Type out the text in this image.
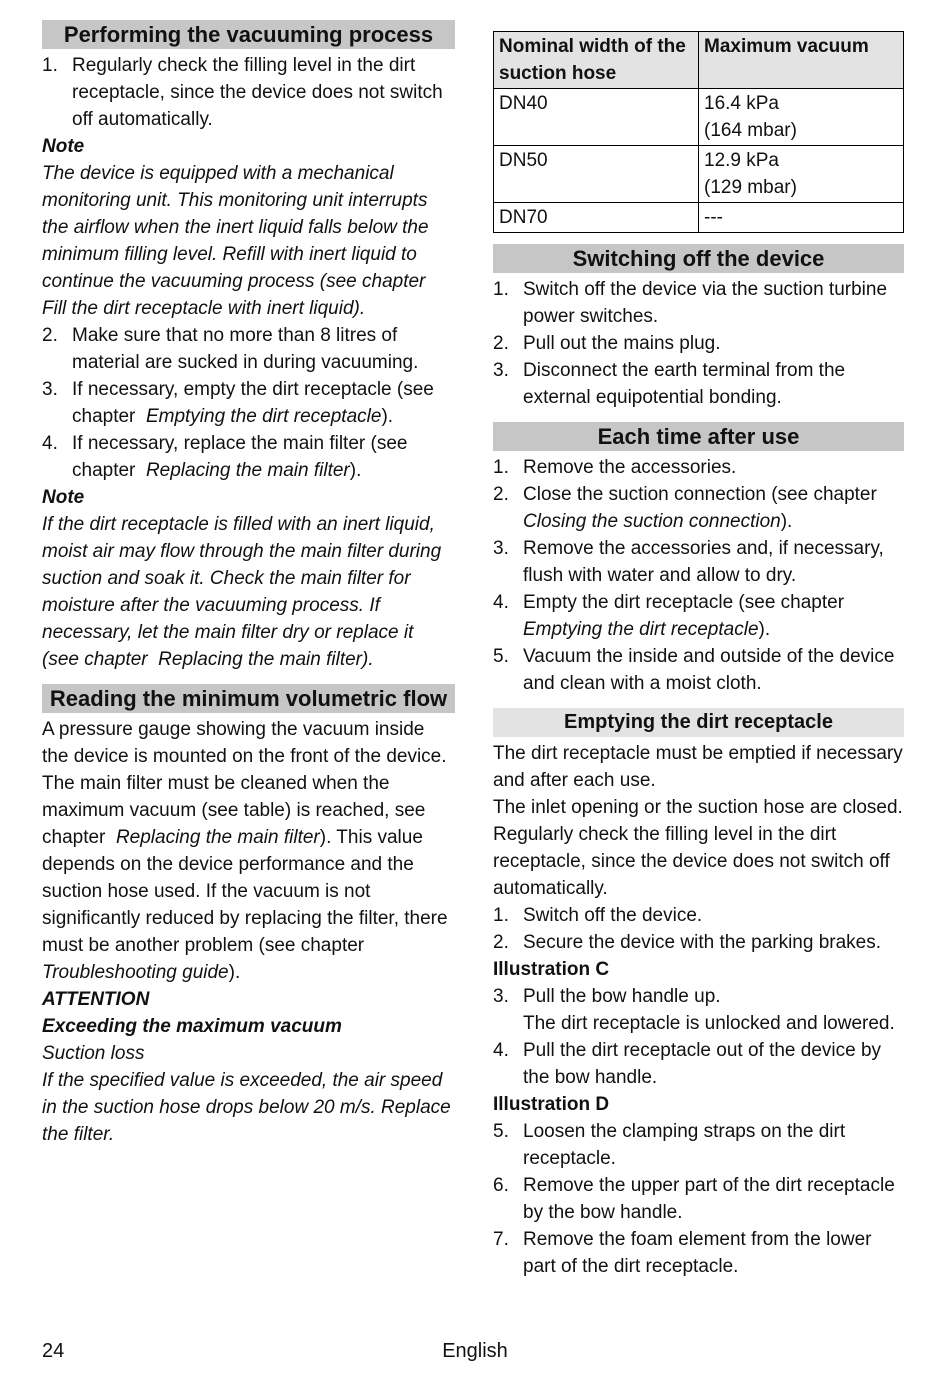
Performing the vacuuming process
1. Regularly check the filling level in the dirt receptacle, since the device does not switch off automatically.
Note
The device is equipped with a mechanical monitoring unit. This monitoring unit interrupts the airflow when the inert liquid falls below the minimum filling level. Refill with inert liquid to continue the vacuuming process (see chapter  Fill the dirt receptacle with inert liquid).
2. Make sure that no more than 8 litres of material are sucked in during vacuuming.
3. If necessary, empty the dirt receptacle (see chapter  Emptying the dirt receptacle).
4. If necessary, replace the main filter (see chapter  Replacing the main filter).
Note
If the dirt receptacle is filled with an inert liquid, moist air may flow through the main filter during suction and soak it. Check the main filter for moisture after the vacuuming process. If necessary, let the main filter dry or replace it (see chapter  Replacing the main filter).
Reading the minimum volumetric flow
A pressure gauge showing the vacuum inside the device is mounted on the front of the device. The main filter must be cleaned when the maximum vacuum (see table) is reached, see chapter  Replacing the main filter). This value depends on the device performance and the suction hose used. If the vacuum is not significantly reduced by replacing the filter, there must be another problem (see chapter  Troubleshooting guide).
ATTENTION
Exceeding the maximum vacuum
Suction loss
If the specified value is exceeded, the air speed in the suction hose drops below 20 m/s. Replace the filter.
Nominal width of the suction hose	Maximum vacuum
DN40	16.4 kPa
(164 mbar)
DN50	12.9 kPa
(129 mbar)
DN70	---
Switching off the device
1. Switch off the device via the suction turbine power switches.
2. Pull out the mains plug.
3. Disconnect the earth terminal from the external equipotential bonding.
Each time after use
1. Remove the accessories.
2. Close the suction connection (see chapter  Closing the suction connection).
3. Remove the accessories and, if necessary, flush with water and allow to dry.
4. Empty the dirt receptacle (see chapter  Emptying the dirt receptacle).
5. Vacuum the inside and outside of the device and clean with a moist cloth.
Emptying the dirt receptacle
The dirt receptacle must be emptied if necessary and after each use.
The inlet opening or the suction hose are closed.
Regularly check the filling level in the dirt receptacle, since the device does not switch off automatically.
1. Switch off the device.
2. Secure the device with the parking brakes.
Illustration C
3. Pull the bow handle up.
The dirt receptacle is unlocked and lowered.
4. Pull the dirt receptacle out of the device by the bow handle.
Illustration D
5. Loosen the clamping straps on the dirt receptacle.
6. Remove the upper part of the dirt receptacle by the bow handle.
7. Remove the foam element from the lower part of the dirt receptacle.
24	English
